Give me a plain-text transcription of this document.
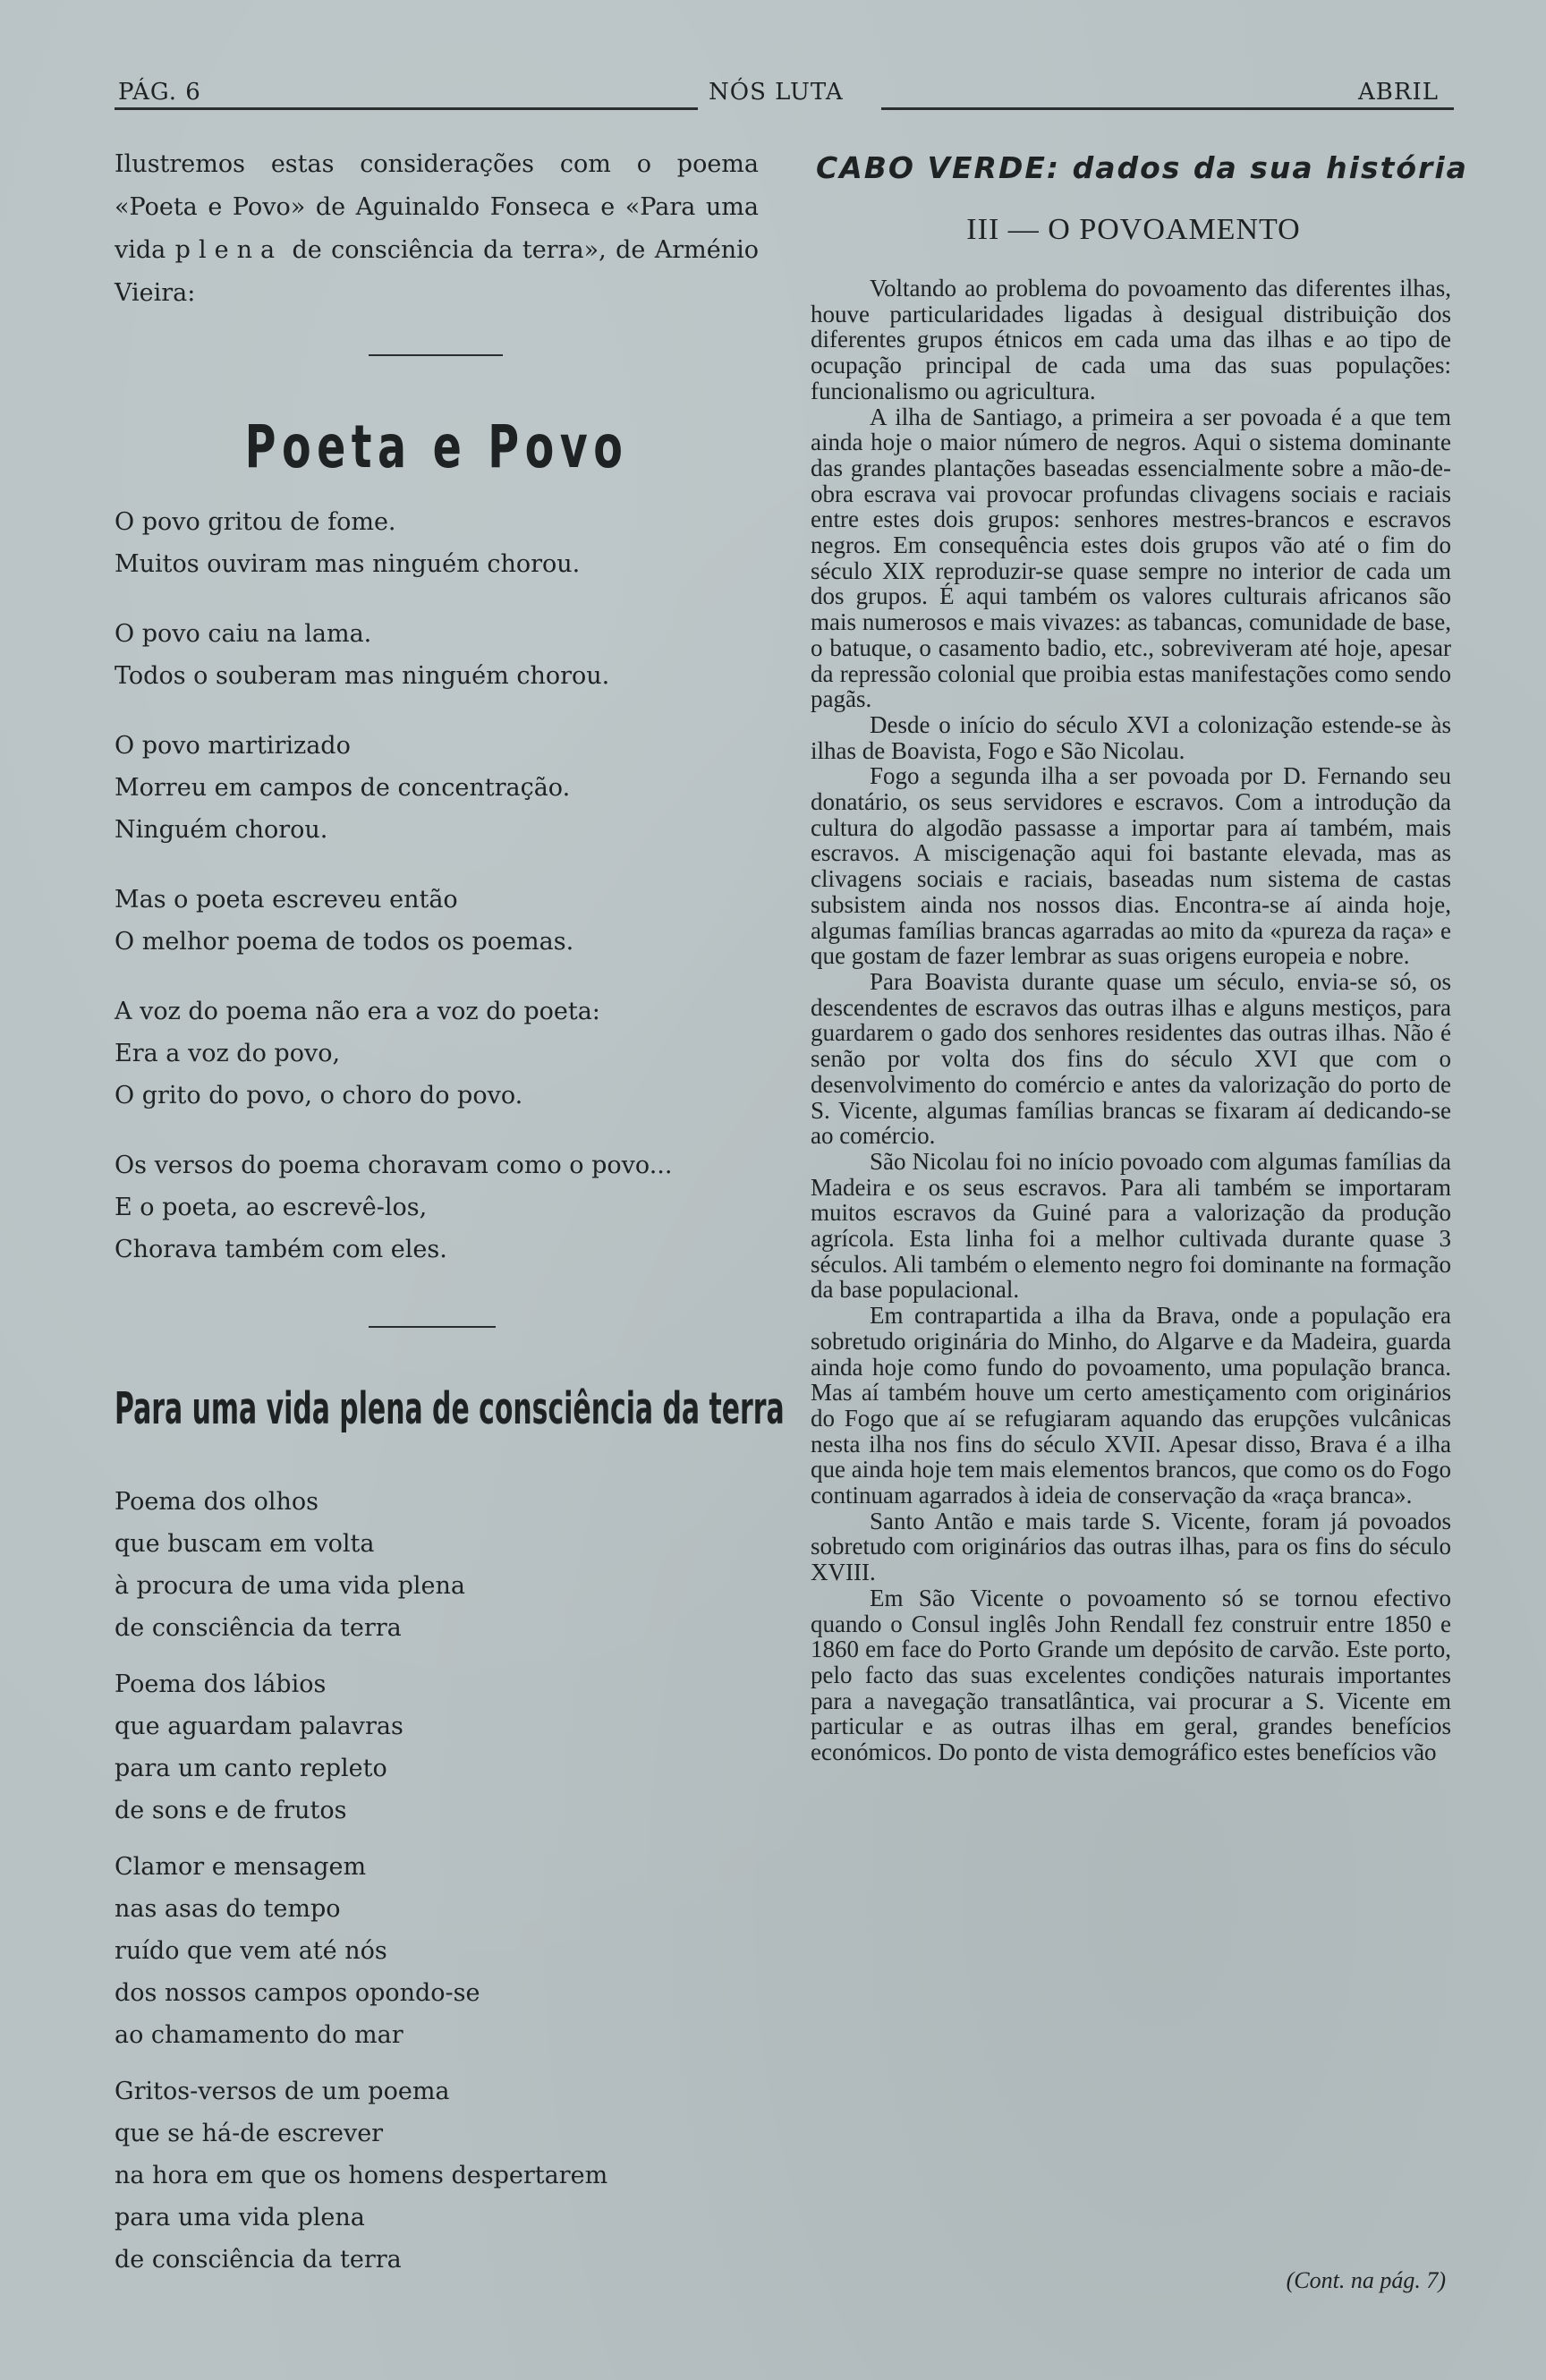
PÁG. 6	NÓS LUTA	ABRIL
Ilustremos estas considerações com o poema «Poeta e Povo» de Aguinaldo Fonseca e «Para uma vida plena de consciência da terra», de Arménio Vieira:
Poeta e Povo
O povo gritou de fome.
Muitos ouviram mas ninguém chorou.
O povo caiu na lama.
Todos o souberam mas ninguém chorou.
O povo martirizado
Morreu em campos de concentração.
Ninguém chorou.
Mas o poeta escreveu então
O melhor poema de todos os poemas.
A voz do poema não era a voz do poeta:
Era a voz do povo,
O grito do povo, o choro do povo.
Os versos do poema choravam como o povo...
E o poeta, ao escrevê-los,
Chorava também com eles.
Para uma vida plena de consciência da terra
Poema dos olhos
que buscam em volta
à procura de uma vida plena
de consciência da terra
Poema dos lábios
que aguardam palavras
para um canto repleto
de sons e de frutos
Clamor e mensagem
nas asas do tempo
ruído que vem até nós
dos nossos campos opondo-se
ao chamamento do mar
Gritos-versos de um poema
que se há-de escrever
na hora em que os homens despertarem
para uma vida plena
de consciência da terra
CABO VERDE: dados da sua história
III — O POVOAMENTO

Voltando ao problema do povoamento das diferentes ilhas, houve particularidades ligadas à desigual distribuição dos diferentes grupos étnicos em cada uma das ilhas e ao tipo de ocupação principal de cada uma das suas populações: funcionalismo ou agricultura.

A ilha de Santiago, a primeira a ser povoada é a que tem ainda hoje o maior número de negros. Aqui o sistema dominante das grandes plantações baseadas essencialmente sobre a mão-de-obra escrava vai provocar profundas clivagens sociais e raciais entre estes dois grupos: senhores mestres-brancos e escravos negros. Em consequência estes dois grupos vão até o fim do século XIX reproduzir-se quase sempre no interior de cada um dos grupos. É aqui também os valores culturais africanos são mais numerosos e mais vivazes: as tabancas, comunidade de base, o batuque, o casamento badio, etc., sobreviveram até hoje, apesar da repressão colonial que proibia estas manifestações como sendo pagãs.

Desde o início do século XVI a colonização estende-se às ilhas de Boavista, Fogo e São Nicolau.

Fogo a segunda ilha a ser povoada por D. Fernando seu donatário, os seus servidores e escravos. Com a introdução da cultura do algodão passasse a importar para aí também, mais escravos. A miscigenação aqui foi bastante elevada, mas as clivagens sociais e raciais, baseadas num sistema de castas subsistem ainda nos nossos dias. Encontra-se aí ainda hoje, algumas famílias brancas agarradas ao mito da «pureza da raça» e que gostam de fazer lembrar as suas origens europeia e nobre.

Para Boavista durante quase um século, envia-se só, os descendentes de escravos das outras ilhas e alguns mestiços, para guardarem o gado dos senhores residentes das outras ilhas. Não é senão por volta dos fins do século XVI que com o desenvolvimento do comércio e antes da valorização do porto de S. Vicente, algumas famílias brancas se fixaram aí dedicando-se ao comércio.

São Nicolau foi no início povoado com algumas famílias da Madeira e os seus escravos. Para ali também se importaram muitos escravos da Guiné para a valorização da produção agrícola. Esta linha foi a melhor cultivada durante quase 3 séculos. Ali também o elemento negro foi dominante na formação da base populacional.

Em contrapartida a ilha da Brava, onde a população era sobretudo originária do Minho, do Algarve e da Madeira, guarda ainda hoje como fundo do povoamento, uma população branca. Mas aí também houve um certo amestiçamento com originários do Fogo que aí se refugiaram aquando das erupções vulcânicas nesta ilha nos fins do século XVII. Apesar disso, Brava é a ilha que ainda hoje tem mais elementos brancos, que como os do Fogo continuam agarrados à ideia de conservação da «raça branca».

Santo Antão e mais tarde S. Vicente, foram já povoados sobretudo com originários das outras ilhas, para os fins do século XVIII.

Em São Vicente o povoamento só se tornou efectivo quando o Consul inglês John Rendall fez construir entre 1850 e 1860 em face do Porto Grande um depósito de carvão. Este porto, pelo facto das suas excelentes condições naturais importantes para a navegação transatlântica, vai procurar a S. Vicente em particular e as outras ilhas em geral, grandes benefícios económicos. Do ponto de vista demográfico estes benefícios vão

(Cont. na pág. 7)
